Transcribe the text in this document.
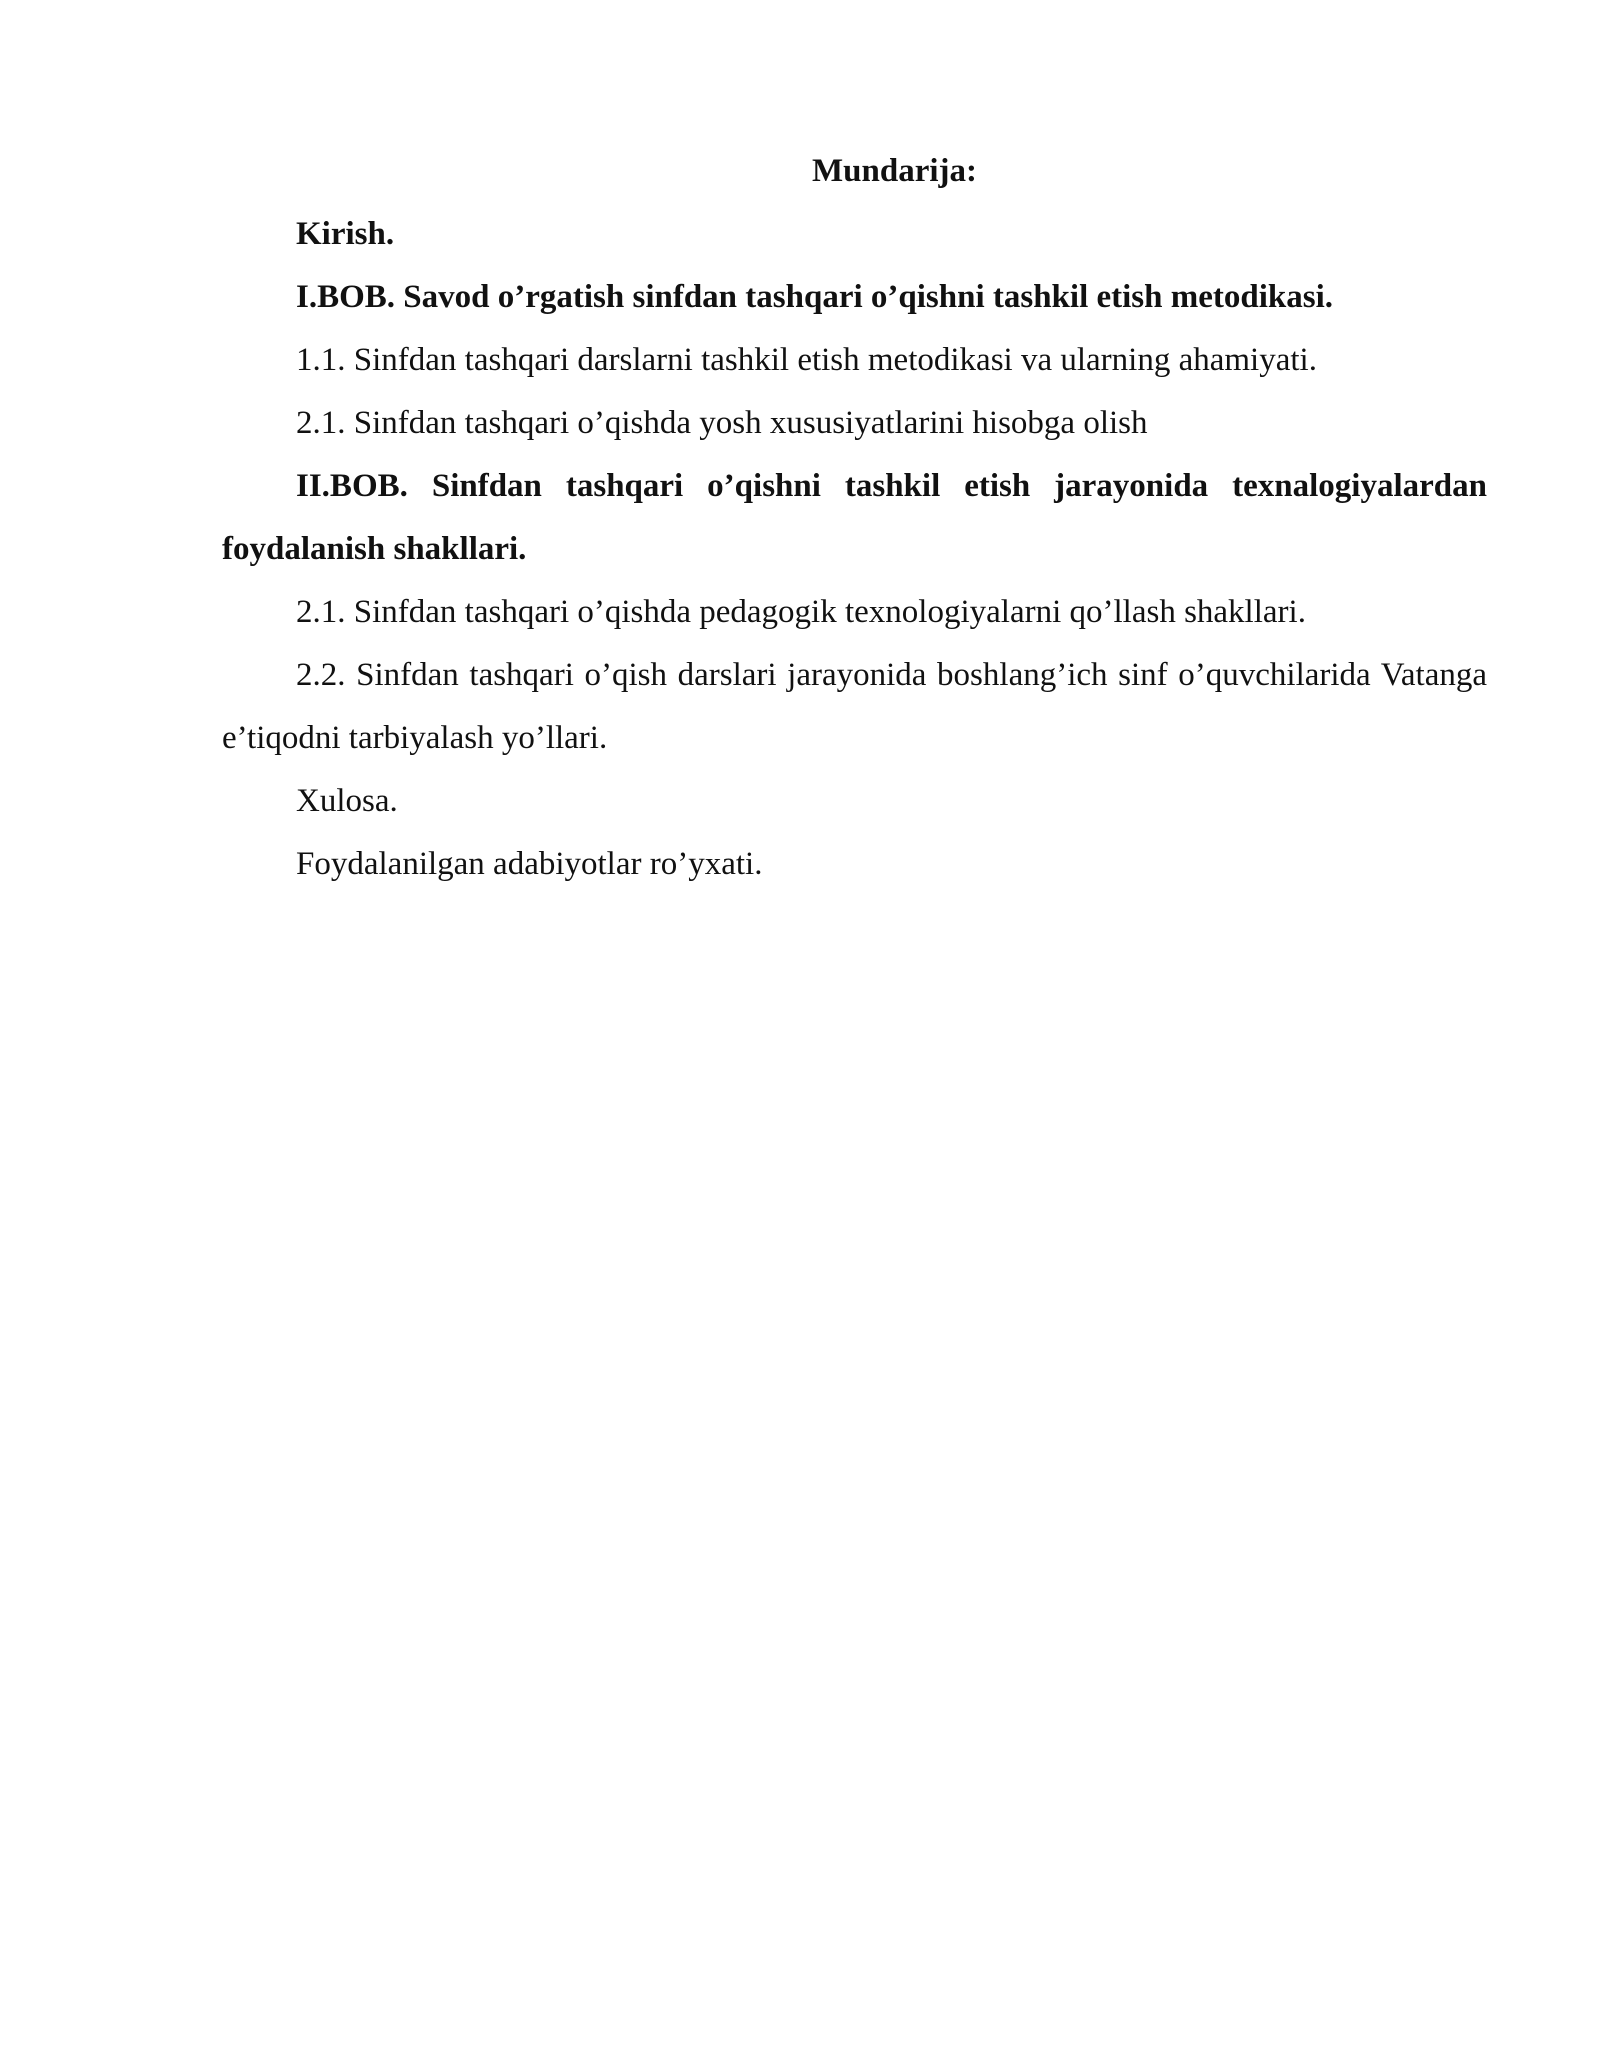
Mundarija:

Kirish.

I.BOB. Savod o’rgatish sinfdan tashqari o’qishni tashkil etish metodikasi.

1.1. Sinfdan tashqari darslarni tashkil etish metodikasi va ularning ahamiyati.

2.1. Sinfdan tashqari o’qishda yosh xususiyatlarini hisobga olish

II.BOB. Sinfdan tashqari o’qishni tashkil etish jarayonida texnalogiyalardan foydalanish shakllari.

2.1. Sinfdan tashqari o’qishda pedagogik texnologiyalarni qo’llash shakllari.

2.2. Sinfdan tashqari o’qish darslari jarayonida boshlang’ich sinf o’quvchilarida Vatanga e’tiqodni tarbiyalash yo’llari.

Xulosa.

Foydalanilgan adabiyotlar ro’yxati.
